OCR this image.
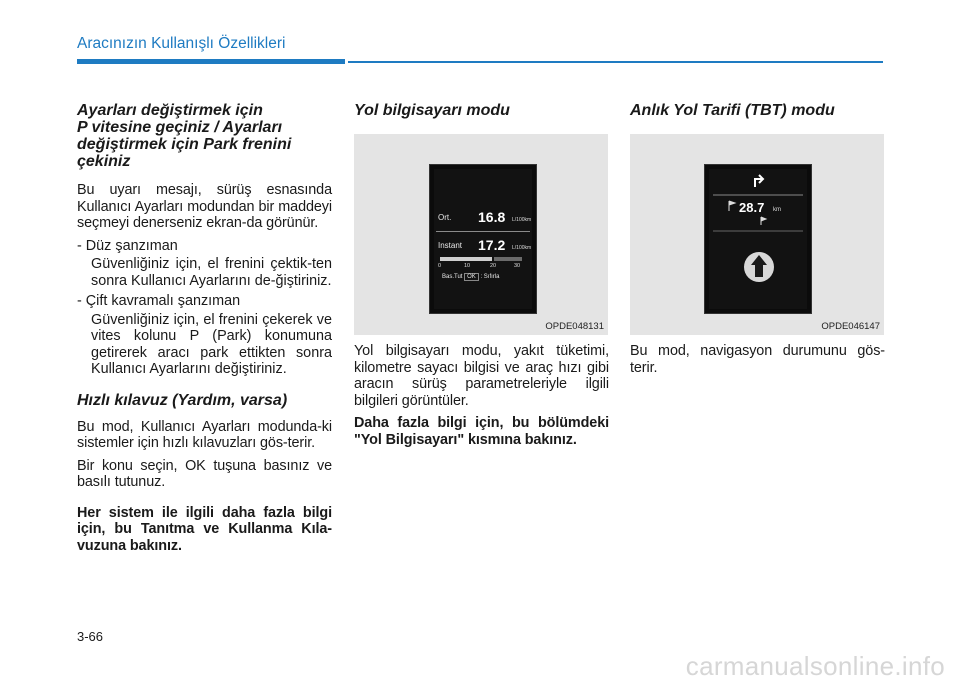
Aracınızın Kullanışlı Özellikleri
Ayarları değiştirmek için
P vitesine geçiniz / Ayarları
değiştirmek için Park frenini
çekiniz

Bu uyarı mesajı, sürüş esnasında Kullanıcı Ayarları modundan bir maddeyi seçmeyi denerseniz ekran-da görünür.

- Düz şanzıman
Güvenliğiniz için, el frenini çektik-ten sonra Kullanıcı Ayarlarını de-ğiştiriniz.
- Çift kavramalı şanzıman
Güvenliğiniz için, el frenini çekerek ve vites kolunu P (Park) konumuna getirerek aracı park ettikten sonra Kullanıcı Ayarlarını değiştiriniz.
Hızlı kılavuz (Yardım, varsa)

Bu mod, Kullanıcı Ayarları modunda-ki sistemler için hızlı kılavuzları gös-terir.

Bir konu seçin, OK tuşuna basınız ve basılı tutunuz.

Her sistem ile ilgili daha fazla bilgi için, bu Tanıtma ve Kullanma Kıla-vuzuna bakınız.

Yol bilgisayarı modu
Ort. 16.8 L/100km
Instant 17.2 L/100km
0	10	20	30
Bas.Tut OK : Sıfırla
OPDE048131

Yol bilgisayarı modu, yakıt tüketimi, kilometre sayacı bilgisi ve araç hızı gibi aracın sürüş parametreleriyle ilgili bilgileri görüntüler.

Daha fazla bilgi için, bu bölümdeki "Yol Bilgisayarı" kısmına bakınız.

Anlık Yol Tarifi (TBT) modu
28.7 km
OPDE046147

Bu mod, navigasyon durumunu gös-terir.

3-66
carmanualsonline.info
